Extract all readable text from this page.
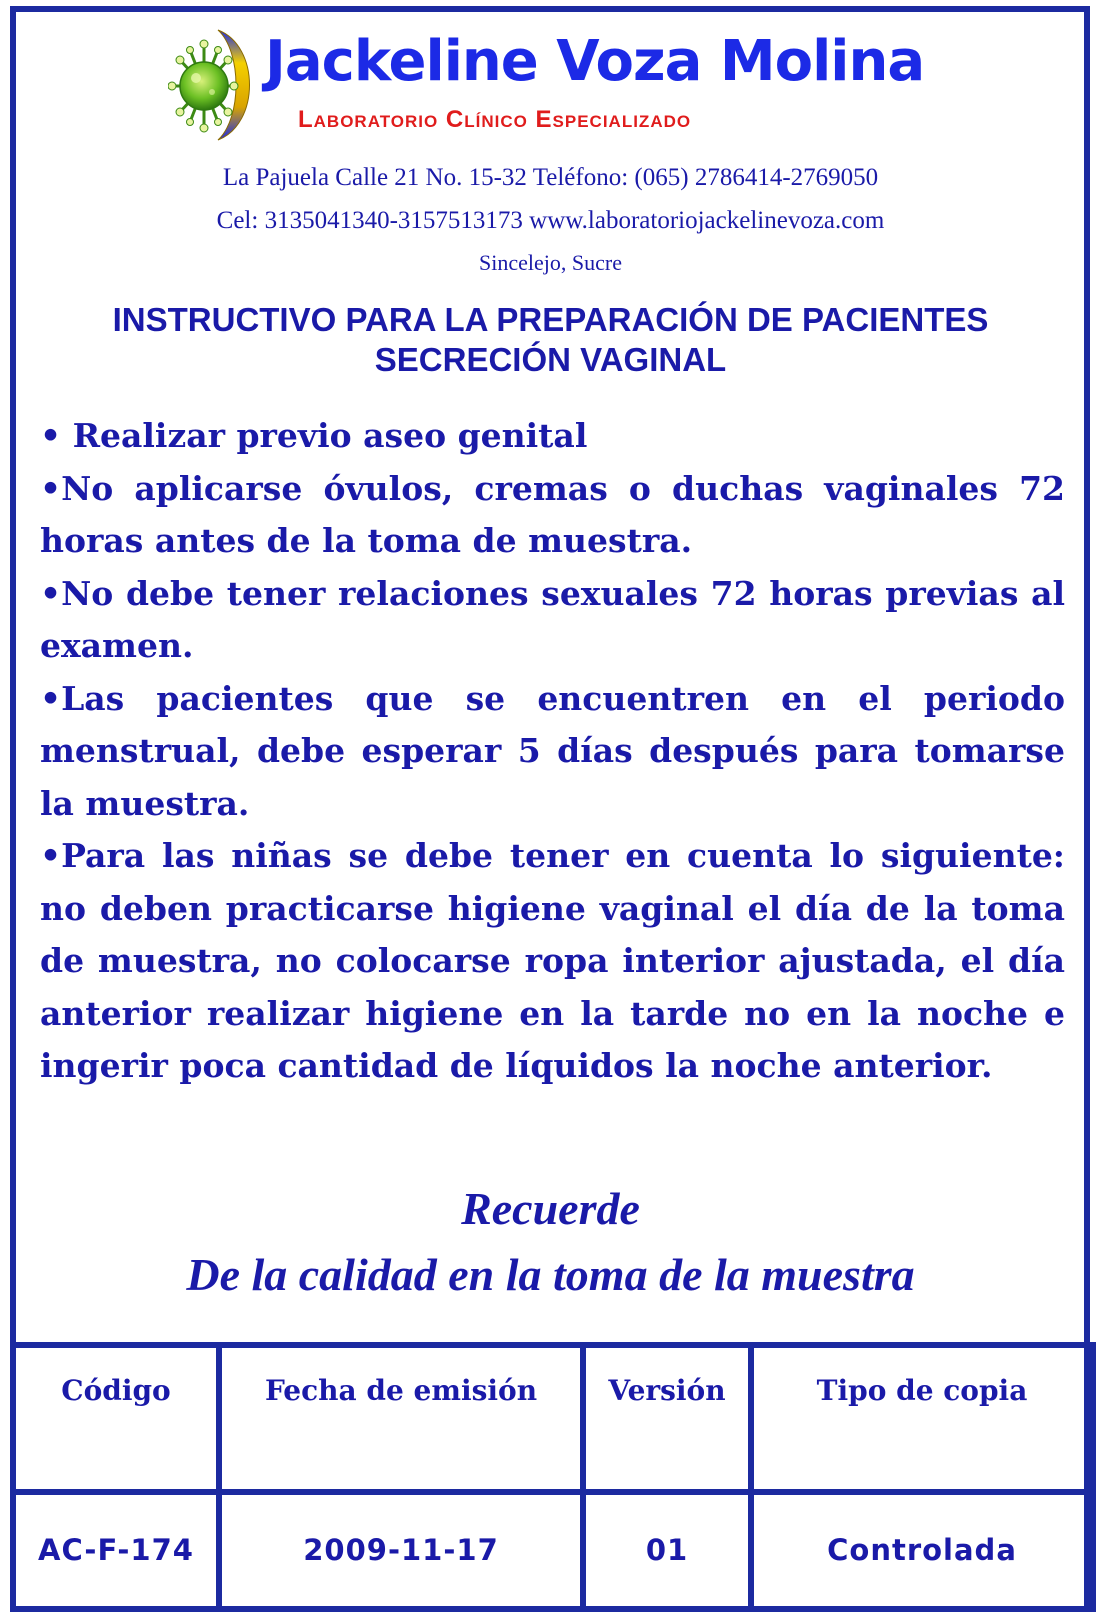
Jackeline Voza Molina
Laboratorio Clínico Especializado
La Pajuela Calle 21 No. 15-32 Teléfono: (065) 2786414-2769050
Cel: 3135041340-3157513173 www.laboratoriojackelinevoza.com
Sincelejo, Sucre
INSTRUCTIVO PARA LA PREPARACIÓN DE PACIENTES
SECRECIÓN VAGINAL

• Realizar previo aseo genital

•No aplicarse óvulos, cremas o duchas vaginales 72 horas antes de la toma de muestra.

•No debe tener relaciones sexuales 72 horas previas al examen.

•Las pacientes que se encuentren en el periodo menstrual, debe esperar 5 días después para tomarse la muestra.

•Para las niñas se debe tener en cuenta lo siguiente: no deben practicarse higiene vaginal el día de la toma de muestra, no colocarse ropa interior ajustada, el día anterior realizar higiene en la tarde no en la noche e ingerir poca cantidad de líquidos la noche anterior.

Recuerde
De la calidad en la toma de la muestra
Código	Fecha de emisión	Versión	Tipo de copia
AC-F-174	2009-11-17	01	Controlada
